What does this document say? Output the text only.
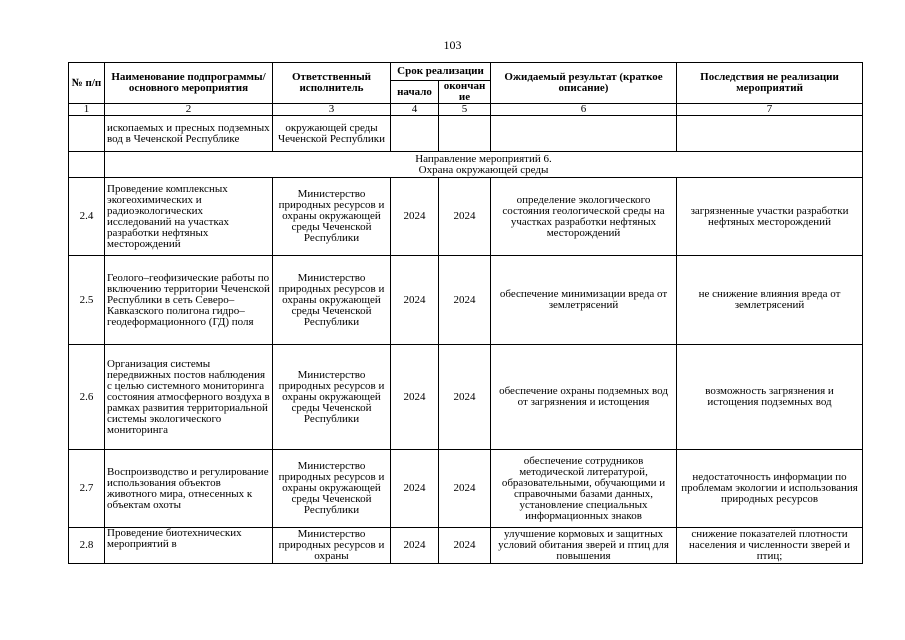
103
№ п/п	Наименование подпрограммы/ основного мероприятия	Ответственный исполнитель	Срок реализации		Ожидаемый результат (краткое описание)	Последствия не реализации мероприятий
			начало	окончан ие		
1	2	3	4	5	6	7
	ископаемых и пресных подземных вод в Чеченской Республике	окружающей среды Чеченской Республики				

	Направление мероприятий 6.
Охрана окружающей среды					

2.4	Проведение комплексных экогеохимических и радиоэкологических исследований на участках разработки нефтяных месторождений	Министерство природных ресурсов и охраны окружающей среды Чеченской Республики	2024	2024	определение экологического состояния геологической среды на участках разработки нефтяных месторождений	загрязненные участки разработки нефтяных месторождений
2.5	Геолого–геофизические работы по включению территории Чеченской Республики в сеть Северо–Кавказского полигона гидро–геодеформационного (ГД) поля	Министерство природных ресурсов и охраны окружающей среды Чеченской Республики	2024	2024	обеспечение минимизации вреда от землетрясений	не снижение влияния вреда от землетрясений
2.6	Организация системы передвижных постов наблюдения с целью системного мониторинга состояния атмосферного воздуха в рамках развития территориальной системы экологического мониторинга	Министерство природных ресурсов и охраны окружающей среды Чеченской Республики	2024	2024	обеспечение охраны подземных вод от загрязнения и истощения	возможность загрязнения и истощения подземных вод
2.7	Воспроизводство и регулирование использования объектов животного мира, отнесенных к объектам охоты	Министерство природных ресурсов и охраны окружающей среды Чеченской Республики	2024	2024	обеспечение сотрудников методической литературой, образовательными, обучающими и справочными базами данных, установление специальных информационных знаков	недостаточность информации по проблемам экологии и использования природных ресурсов
2.8	Проведение биотехнических мероприятий в	Министерство природных ресурсов и охраны	2024	2024	улучшение кормовых и защитных условий обитания зверей и птиц для повышения	снижение показателей плотности населения и численности зверей и птиц;
